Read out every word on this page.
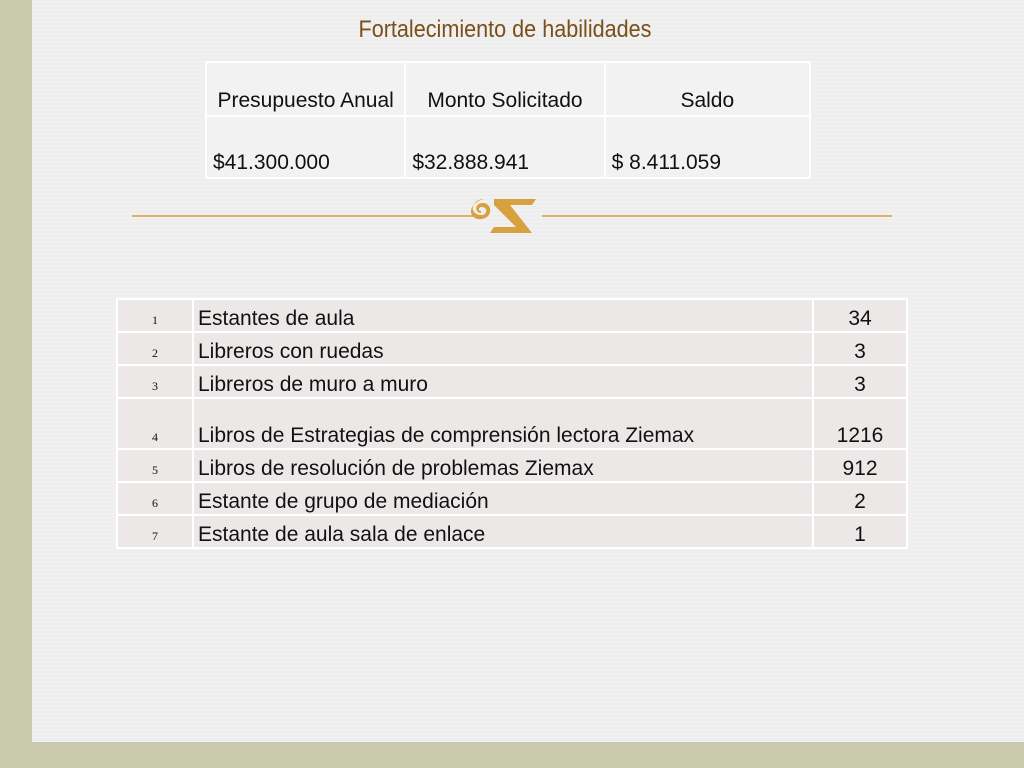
Fortalecimiento de habilidades
Presupuesto Anual	Monto Solicitado	Saldo
$41.300.000	$32.888.941	$ 8.411.059
1	Estantes de aula	34
2	Libreros con ruedas	3
3	Libreros de muro a muro	3
4	Libros de Estrategias de comprensión lectora Ziemax	1216
5	Libros de resolución de problemas Ziemax	912
6	Estante de grupo de mediación	2
7	Estante de aula sala de enlace	1
